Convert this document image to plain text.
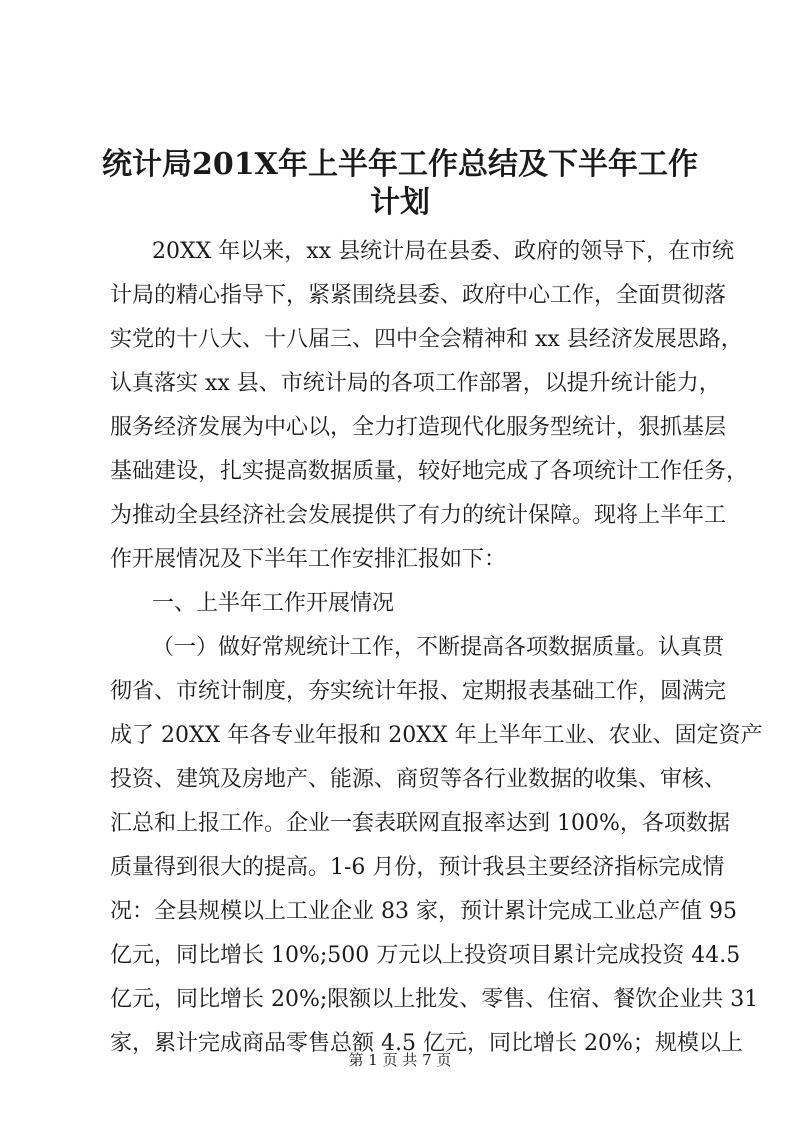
统计局201X年上半年工作总结及下半年工作
计划

20XX 年以来，xx 县统计局在县委、政府的领导下，在市统

计局的精心指导下，紧紧围绕县委、政府中心工作，全面贯彻落

实党的十八大、十八届三、四中全会精神和 xx 县经济发展思路，

认真落实 xx 县、市统计局的各项工作部署，以提升统计能力，

服务经济发展为中心以，全力打造现代化服务型统计，狠抓基层

基础建设，扎实提高数据质量，较好地完成了各项统计工作任务，

为推动全县经济社会发展提供了有力的统计保障。现将上半年工

作开展情况及下半年工作安排汇报如下：

一、上半年工作开展情况

（一）做好常规统计工作，不断提高各项数据质量。认真贯

彻省、市统计制度，夯实统计年报、定期报表基础工作，圆满完

成了 20XX 年各专业年报和 20XX 年上半年工业、农业、固定资产

投资、建筑及房地产、能源、商贸等各行业数据的收集、审核、

汇总和上报工作。企业一套表联网直报率达到 100%，各项数据

质量得到很大的提高。1-6 月份，预计我县主要经济指标完成情

况：全县规模以上工业企业 83 家，预计累计完成工业总产值 95

亿元，同比增长 10%;500 万元以上投资项目累计完成投资 44.5

亿元，同比增长 20%;限额以上批发、零售、住宿、餐饮企业共 31

家，累计完成商品零售总额 4.5 亿元，同比增长 20%；规模以上

第 1 页 共 7 页
